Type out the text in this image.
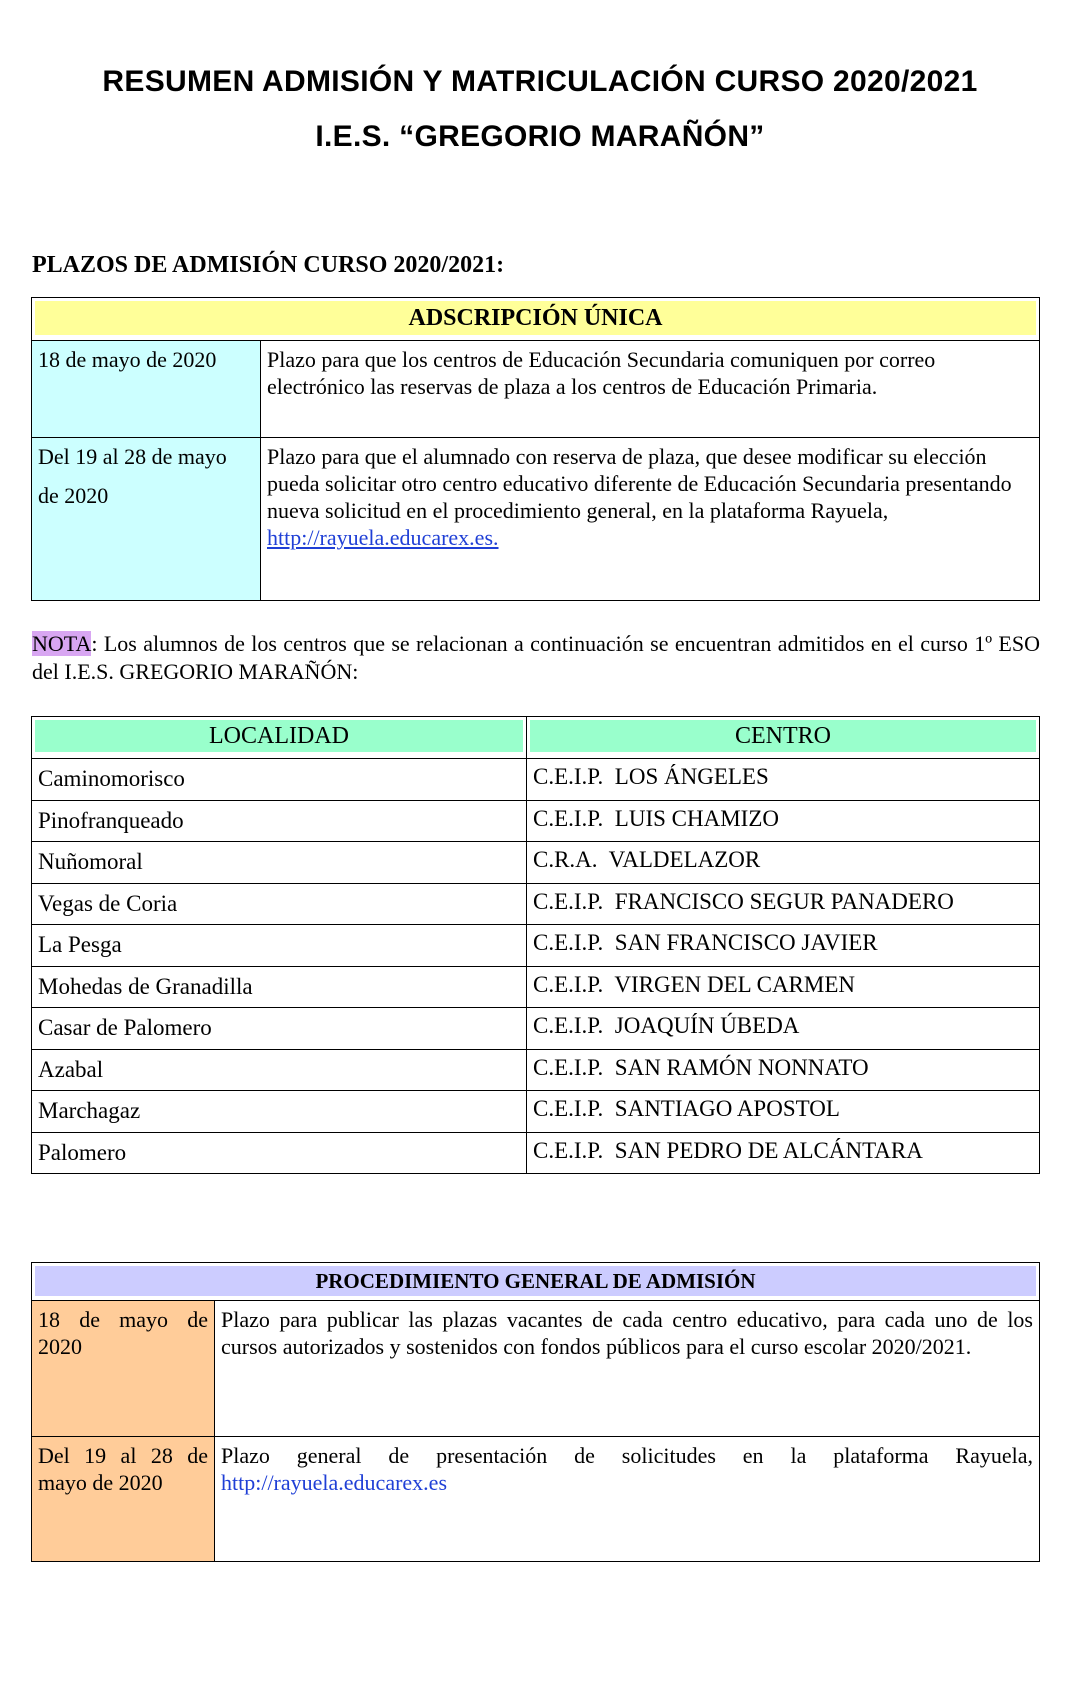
RESUMEN ADMISIÓN Y MATRICULACIÓN CURSO 2020/2021
I.E.S. “GREGORIO MARAÑÓN”
PLAZOS DE ADMISIÓN CURSO 2020/2021:
ADSCRIPCIÓN ÚNICA	

18 de mayo de 2020	Plazo para que los centros de Educación Secundaria comuniquen por correo electrónico las reservas de plaza a los centros de Educación Primaria.

Del 19 al 28 de mayo
de 2020	Plazo para que el alumnado con reserva de plaza, que desee modificar su elección pueda solicitar otro centro educativo diferente de Educación Secundaria presentando nueva solicitud en el procedimiento general, en la plataforma Rayuela, http://rayuela.educarex.es.
NOTA: Los alumnos de los centros que se relacionan a continuación se encuentran admitidos en el curso 1º ESO del I.E.S. GREGORIO MARAÑÓN:
LOCALIDAD	CENTRO

Caminomorisco	C.E.I.P.  LOS ÁNGELES
Pinofranqueado	C.E.I.P.  LUIS CHAMIZO
Nuñomoral	C.R.A.  VALDELAZOR
Vegas de Coria	C.E.I.P.  FRANCISCO SEGUR PANADERO
La Pesga	C.E.I.P.  SAN FRANCISCO JAVIER
Mohedas de Granadilla	C.E.I.P.  VIRGEN DEL CARMEN
Casar de Palomero	C.E.I.P.  JOAQUÍN ÚBEDA
Azabal	C.E.I.P.  SAN RAMÓN NONNATO
Marchagaz	C.E.I.P.  SANTIAGO APOSTOL
Palomero	C.E.I.P.  SAN PEDRO DE ALCÁNTARA
PROCEDIMIENTO GENERAL DE ADMISIÓN	

18 de mayo de 2020	Plazo para publicar las plazas vacantes de cada centro educativo, para cada uno de los cursos autorizados y sostenidos con fondos públicos para el curso escolar 2020/2021.
Del 19 al 28 de mayo de 2020	Plazo general de presentación de solicitudes en la plataforma Rayuela,
http://rayuela.educarex.es
